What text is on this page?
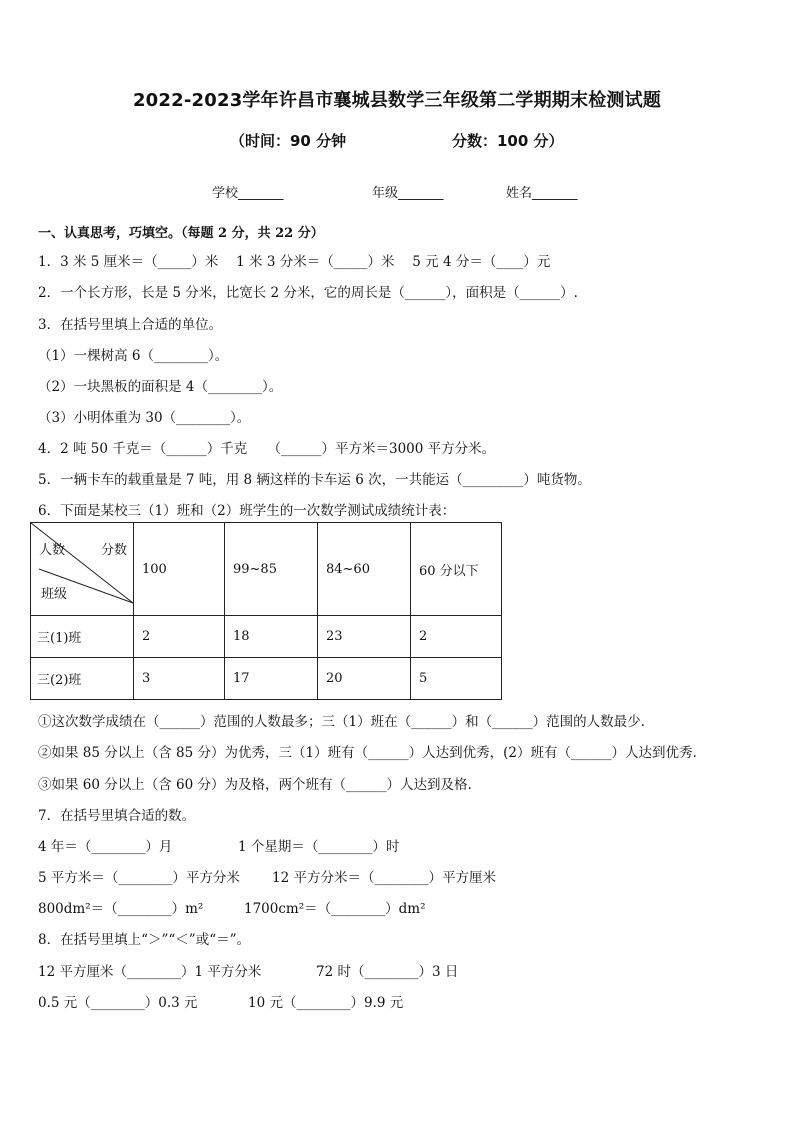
2022-2023学年许昌市襄城县数学三年级第二学期期末检测试题
（时间：90 分钟	分数：100 分）
学校_______	年级_______	姓名_______
一、认真思考，巧填空。（每题 2 分，共 22 分）
1．3 米 5 厘米＝（_____）米　 1 米 3 分米＝（_____）米　 5 元 4 分＝（____）元
2．一个长方形，长是 5 分米，比宽长 2 分米，它的周长是（______），面积是（______）.
3．在括号里填上合适的单位。
（1）一棵树高 6（________）。
（2）一块黑板的面积是 4（________）。
（3）小明体重为 30（________）。
4．2 吨 50 千克＝（______）千克　　（______）平方米＝3000 平方分米。
5．一辆卡车的载重量是 7 吨，用 8 辆这样的卡车运 6 次，一共能运（_________）吨货物。
6．下面是某校三（1）班和（2）班学生的一次数学测试成绩统计表：
人数 分数
班级	100	99~85	84~60	60 分以下
三(1)班	2	18	23	2
三(2)班	3	17	20	5
①这次数学成绩在（______）范围的人数最多；三（1）班在（______）和（______）范围的人数最少.
②如果 85 分以上（含 85 分）为优秀，三（1）班有（______）人达到优秀，(2）班有（______）人达到优秀.
③如果 60 分以上（含 60 分）为及格，两个班有（______）人达到及格.
7．在括号里填合适的数。
4 年＝（________）月	1 个星期＝（________）时
5 平方米＝（________）平方分米 12 平方分米＝（________）平方厘米
800dm²＝（________）m²	1700cm²＝（________）dm²
8．在括号里填上“＞”“＜”或“＝”。
12 平方厘米（________）1 平方分米	72 时（________）3 日
0.5 元（________）0.3 元	10 元（________）9.9 元
